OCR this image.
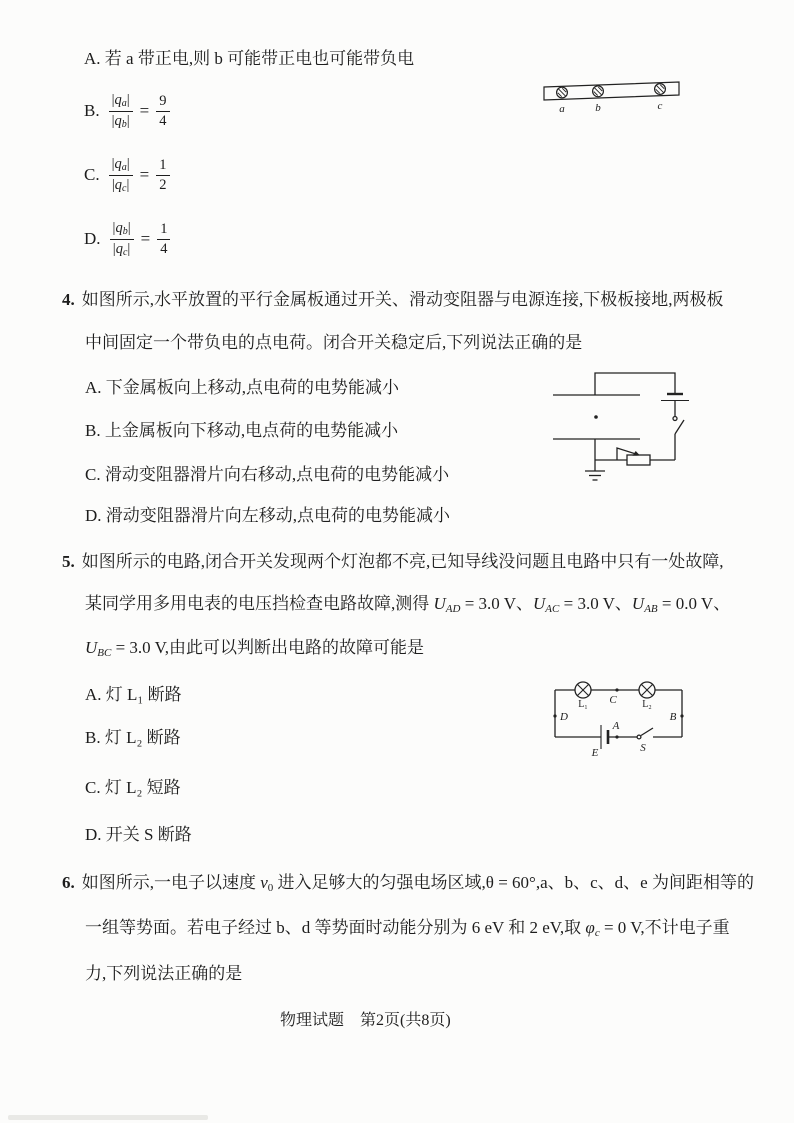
A. 若 a 带正电,则 b 可能带正电也可能带负电
B. $\frac{|q_a|}{|q_b|} = \frac{9}{4}$
C. $\frac{|q_a|}{|q_c|} = \frac{1}{2}$
D. $\frac{|q_b|}{|q_c|} = \frac{1}{4}$
a	b	c
4. 如图所示,水平放置的平行金属板通过开关、滑动变阻器与电源连接,下极板接地,两极板
中间固定一个带负电的点电荷。闭合开关稳定后,下列说法正确的是
A. 下金属板向上移动,点电荷的电势能减小
B. 上金属板向下移动,电点荷的电势能减小
C. 滑动变阻器滑片向右移动,点电荷的电势能减小
D. 滑动变阻器滑片向左移动,点电荷的电势能减小
5. 如图所示的电路,闭合开关发现两个灯泡都不亮,已知导线没问题且电路中只有一处故障,
某同学用多用电表的电压挡检查电路故障,测得 $U_{AD} = 3.0$ V、$U_{AC} = 3.0$ V、$U_{AB} = 0.0$ V、
$U_{BC} = 3.0$ V,由此可以判断出电路的故障可能是
A. 灯 L₁ 断路
B. 灯 L₂ 断路
C. 灯 L₂ 短路
D. 开关 S 断路
L₁ C	L₂
D	B
A
E	S
6. 如图所示,一电子以速度 $v_0$ 进入足够大的匀强电场区域,θ = 60°,a、b、c、d、e 为间距相等的
一组等势面。若电子经过 b、d 等势面时动能分别为 6 eV 和 2 eV,取 $\varphi_c = 0$ V,不计电子重
力,下列说法正确的是
物理试题　第2页(共8页)
